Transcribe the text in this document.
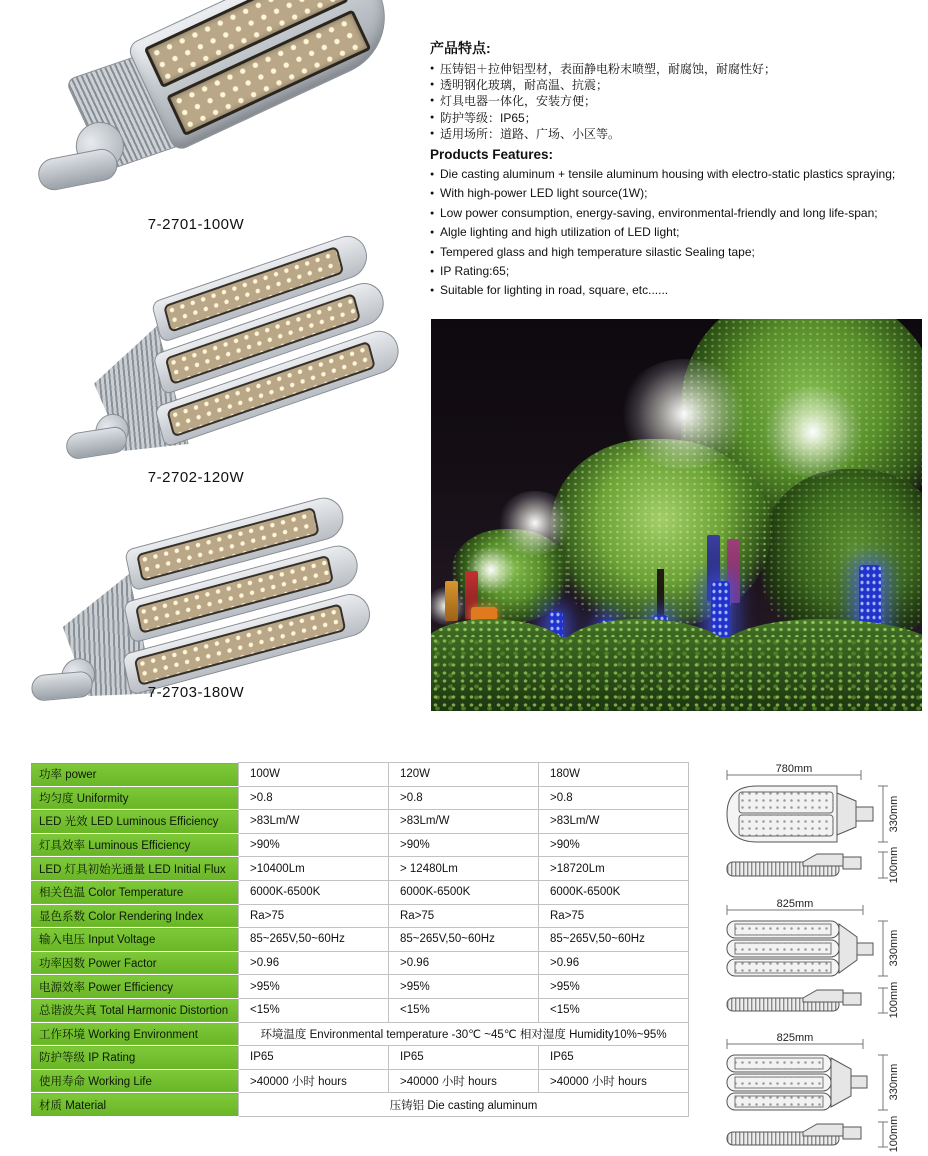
7-2701-100W
7-2702-120W
7-2703-180W
产品特点:
● 压铸铝＋拉伸铝型材，表面静电粉末喷塑，耐腐蚀，耐腐性好；
● 透明钢化玻璃，耐高温、抗震；
● 灯具电器一体化，安装方便；
● 防护等级：IP65；
● 适用场所：道路、广场、小区等。
Products Features:
● Die casting aluminum + tensile aluminum housing with electro-static plastics spraying;
● With high-power LED light source(1W);
● Low power consumption, energy-saving, environmental-friendly and long life-span;
● Algle lighting and high utilization of LED light;
● Tempered glass and high temperature silastic Sealing tape;
● IP Rating:65;
● Suitable for lighting in road, square, etc......
功率 power	100W	120W	180W
均匀度 Uniformity	>0.8	>0.8	>0.8
LED 光效 LED Luminous Efficiency	>83Lm/W	>83Lm/W	>83Lm/W
灯具效率 Luminous Efficiency	>90%	>90%	>90%
LED 灯具初始光通量 LED Initial Flux	>10400Lm	> 12480Lm	>18720Lm
相关色温 Color Temperature	6000K-6500K	6000K-6500K	6000K-6500K
显色系数 Color Rendering Index	Ra>75	Ra>75	Ra>75
输入电压 Input Voltage	85~265V,50~60Hz	85~265V,50~60Hz	85~265V,50~60Hz
功率因数 Power Factor	>0.96	>0.96	>0.96
电源效率 Power Efficiency	>95%	>95%	>95%
总谐波失真 Total Harmonic Distortion	<15%	<15%	<15%
工作环境 Working Environment	环境温度 Environmental temperature -30℃ ~45℃ 相对湿度 Humidity10%~95%		
防护等级 IP Rating	IP65	IP65	IP65
使用寿命 Working Life	>40000 小时 hours	>40000 小时 hours	>40000 小时 hours
材质 Material	压铸铝 Die casting aluminum		
780mm
330mm
100mm
825mm
330mm
100mm
825mm
330mm
100mm
